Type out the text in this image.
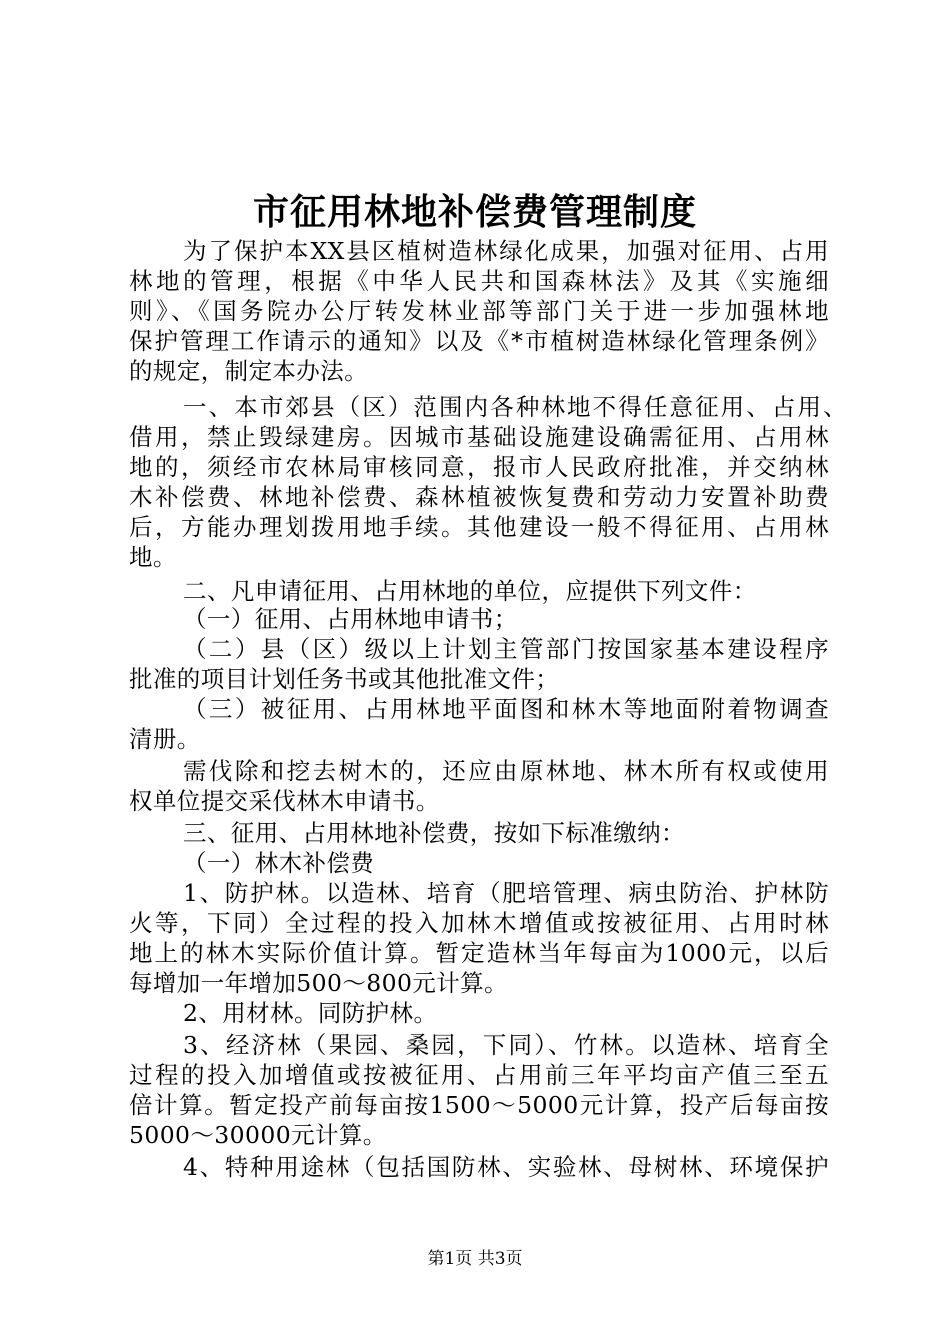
市征用林地补偿费管理制度
为了保护本XX县区植树造林绿化成果，加强对征用、占用
林地的管理，根据《中华人民共和国森林法》及其《实施细
则》、《国务院办公厅转发林业部等部门关于进一步加强林地
保护管理工作请示的通知》以及《*市植树造林绿化管理条例》
的规定，制定本办法。
一、本市郊县（区）范围内各种林地不得任意征用、占用、
借用，禁止毁绿建房。因城市基础设施建设确需征用、占用林
地的，须经市农林局审核同意，报市人民政府批准，并交纳林
木补偿费、林地补偿费、森林植被恢复费和劳动力安置补助费
后，方能办理划拨用地手续。其他建设一般不得征用、占用林
地。
二、凡申请征用、占用林地的单位，应提供下列文件：
（一）征用、占用林地申请书；
（二）县（区）级以上计划主管部门按国家基本建设程序
批准的项目计划任务书或其他批准文件；
（三）被征用、占用林地平面图和林木等地面附着物调查
清册。
需伐除和挖去树木的，还应由原林地、林木所有权或使用
权单位提交采伐林木申请书。
三、征用、占用林地补偿费，按如下标准缴纳：
（一）林木补偿费
1、防护林。以造林、培育（肥培管理、病虫防治、护林防
火等，下同）全过程的投入加林木增值或按被征用、占用时林
地上的林木实际价值计算。暂定造林当年每亩为1000元，以后
每增加一年增加500～800元计算。
2、用材林。同防护林。
3、经济林（果园、桑园，下同）、竹林。以造林、培育全
过程的投入加增值或按被征用、占用前三年平均亩产值三至五
倍计算。暂定投产前每亩按1500～5000元计算，投产后每亩按
5000～30000元计算。
4、特种用途林（包括国防林、实验林、母树林、环境保护
第1页 共3页
